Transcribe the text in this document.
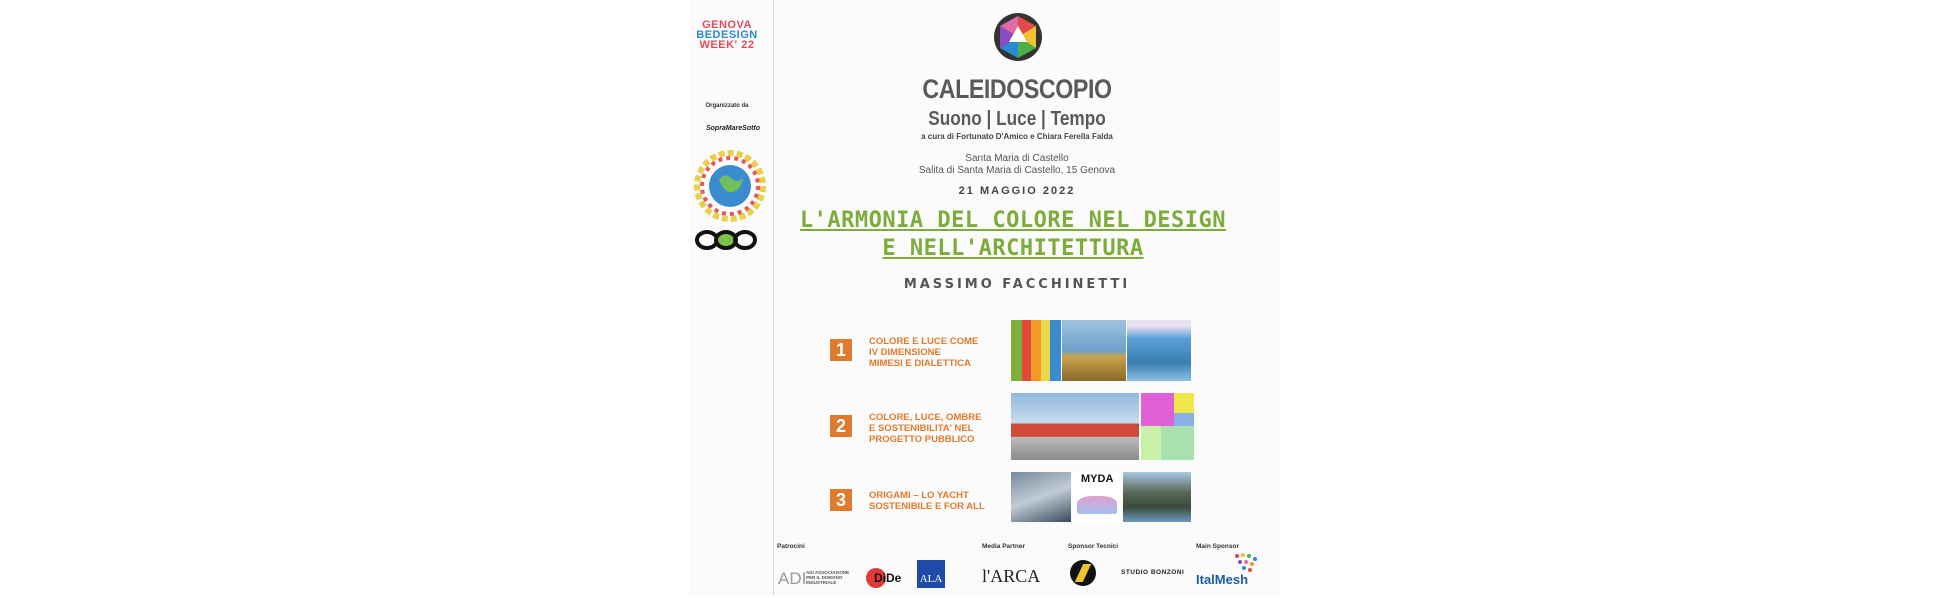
GENOVA
BEDESIGN
WEEK' 22
Organizzato da
SopraMareSotto
CALEIDOSCOPIO
Suono | Luce | Tempo
a cura di Fortunato D'Amico e Chiara Ferella Falda
Santa Maria di Castello
Salita di Santa Maria di Castello, 15 Genova
21 MAGGIO 2022
L'ARMONIA DEL COLORE NEL DESIGN
E NELL'ARCHITETTURA
MASSIMO FACCHINETTI
1	COLORE E LUCE COME
IV DIMENSIONE
MIMESI E DIALETTICA
2	COLORE, LUCE, OMBRE
E SOSTENIBILITA' NEL
PROGETTO PUBBLICO
3	ORIGAMI – LO YACHT
SOSTENIBILE E FOR ALL
MYDA
Patrocini	Media Partner	Sponsor Tecnici	Main Sponsor
ADI ADI ASSOCIAZIONE PER IL DISEGNO INDUSTRIALE	DiDe ALA l'ARCA	STUDIO BONZONI ItalMesh
